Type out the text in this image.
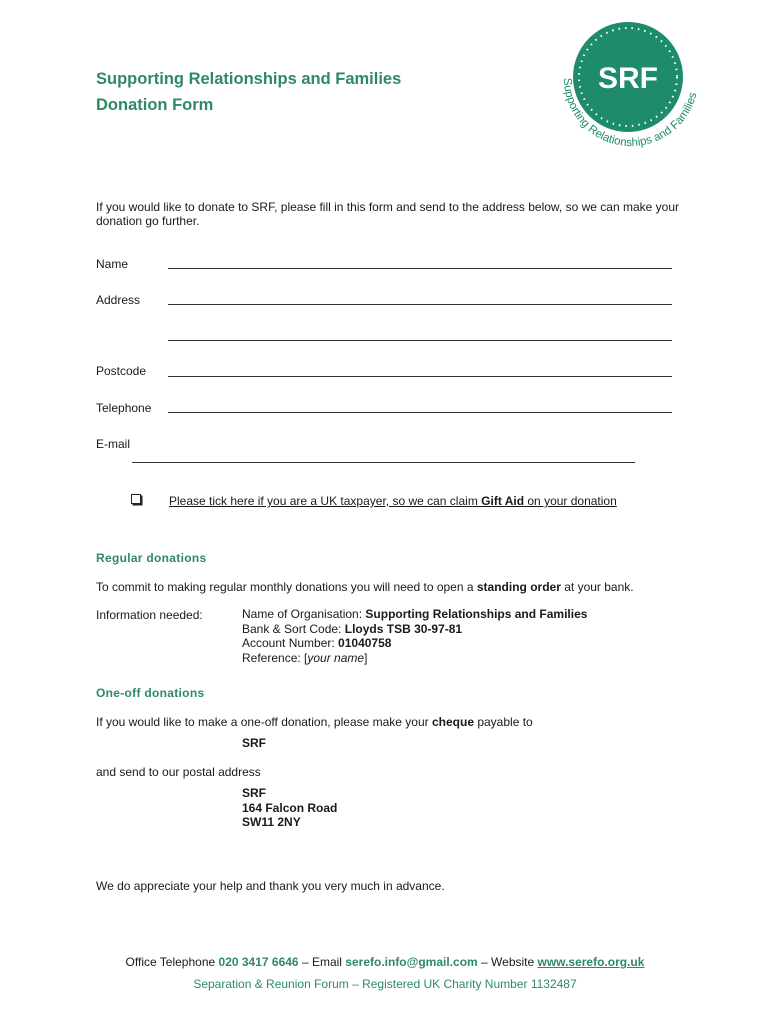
Supporting Relationships and Families
Donation Form
SRF
Supporting Relationships and Families
If you would like to donate to SRF, please fill in this form and send to the address below, so we can make your donation go further.
Name
Address
Postcode
Telephone
E-mail
Please tick here if you are a UK taxpayer, so we can claim Gift Aid on your donation
Regular donations
To commit to making regular monthly donations you will need to open a standing order at your bank.
Information needed:	Name of Organisation: Supporting Relationships and Families
Bank & Sort Code: Lloyds TSB 30-97-81
Account Number: 01040758
Reference: [your name]
One-off donations
If you would like to make a one-off donation, please make your cheque payable to
SRF
and send to our postal address
SRF
164 Falcon Road
SW11 2NY
We do appreciate your help and thank you very much in advance.
Office Telephone 020 3417 6646 – Email serefo.info@gmail.com – Website www.serefo.org.uk
Separation & Reunion Forum – Registered UK Charity Number 1132487
